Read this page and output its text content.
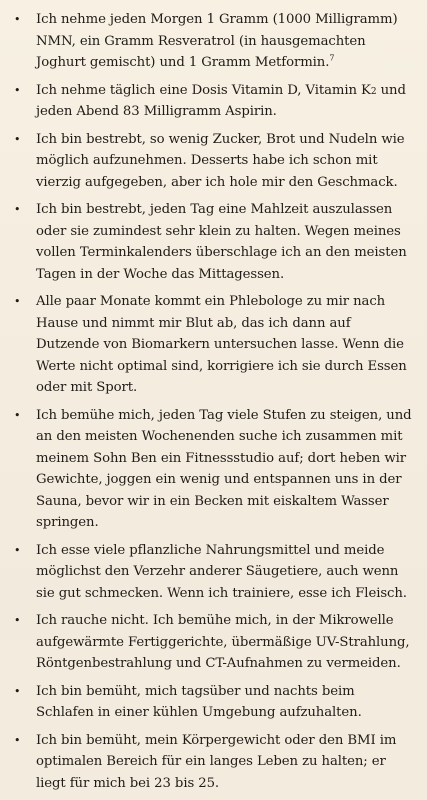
•	Ich nehme jeden Morgen 1 Gramm (1000 Milligramm) NMN, ein Gramm Resveratrol (in hausgemachten Joghurt gemischt) und 1 Gramm Metformin.$^7$
•	Ich nehme täglich eine Dosis Vitamin D, Vitamin K2 und jeden Abend 83 Milligramm Aspirin.
•	Ich bin bestrebt, so wenig Zucker, Brot und Nudeln wie möglich aufzunehmen. Desserts habe ich schon mit vierzig aufgegeben, aber ich hole mir den Geschmack.
•	Ich bin bestrebt, jeden Tag eine Mahlzeit auszulassen oder sie zumindest sehr klein zu halten. Wegen meines vollen Terminkalenders überschlage ich an den meisten Tagen in der Woche das Mittagessen.
•	Alle paar Monate kommt ein Phlebologe zu mir nach Hause und nimmt mir Blut ab, das ich dann auf Dutzende von Biomarkern untersuchen lasse. Wenn die Werte nicht optimal sind, korrigiere ich sie durch Essen oder mit Sport.
•	Ich bemühe mich, jeden Tag viele Stufen zu steigen, und an den meisten Wochenenden suche ich zusammen mit meinem Sohn Ben ein Fitnessstudio auf; dort heben wir Gewichte, joggen ein wenig und entspannen uns in der Sauna, bevor wir in ein Becken mit eiskaltem Wasser springen.
•	Ich esse viele pflanzliche Nahrungsmittel und meide möglichst den Verzehr anderer Säugetiere, auch wenn sie gut schmecken. Wenn ich trainiere, esse ich Fleisch.
•	Ich rauche nicht. Ich bemühe mich, in der Mikrowelle aufgewärmte Fertiggerichte, übermäßige UV-Strahlung, Röntgenbestrahlung und CT-Aufnahmen zu vermeiden.
•	Ich bin bemüht, mich tagsüber und nachts beim Schlafen in einer kühlen Umgebung aufzuhalten.
•	Ich bin bemüht, mein Körpergewicht oder den BMI im optimalen Bereich für ein langes Leben zu halten; er liegt für mich bei 23 bis 25.
